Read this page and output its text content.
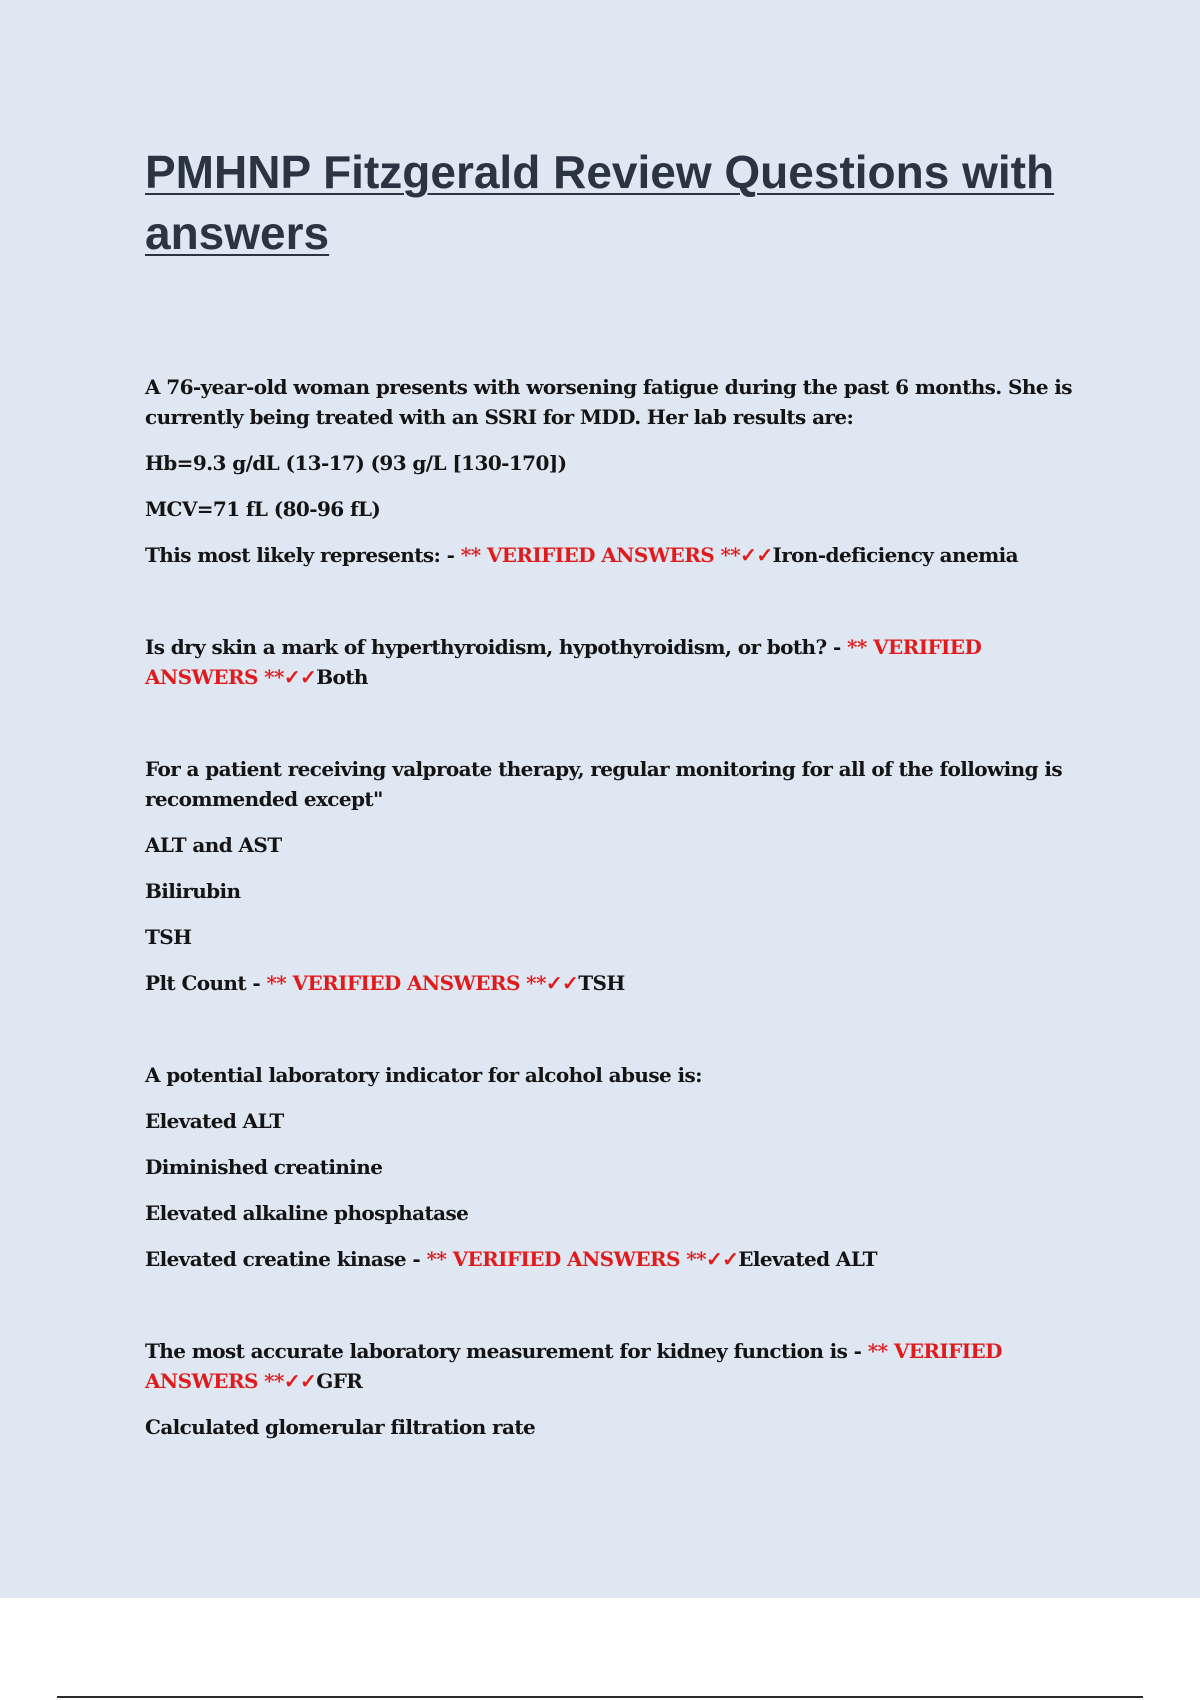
PMHNP Fitzgerald Review Questions with answers

A 76-year-old woman presents with worsening fatigue during the past 6 months. She is currently being treated with an SSRI for MDD. Her lab results are:

Hb=9.3 g/dL (13-17) (93 g/L [130-170])

MCV=71 fL (80-96 fL)

This most likely represents: - ** VERIFIED ANSWERS **✓✓Iron-deficiency anemia

Is dry skin a mark of hyperthyroidism, hypothyroidism, or both? - ** VERIFIED ANSWERS **✓✓Both

For a patient receiving valproate therapy, regular monitoring for all of the following is recommended except"

ALT and AST

Bilirubin

TSH

Plt Count - ** VERIFIED ANSWERS **✓✓TSH

A potential laboratory indicator for alcohol abuse is:

Elevated ALT

Diminished creatinine

Elevated alkaline phosphatase

Elevated creatine kinase - ** VERIFIED ANSWERS **✓✓Elevated ALT

The most accurate laboratory measurement for kidney function is - ** VERIFIED ANSWERS **✓✓GFR

Calculated glomerular filtration rate
